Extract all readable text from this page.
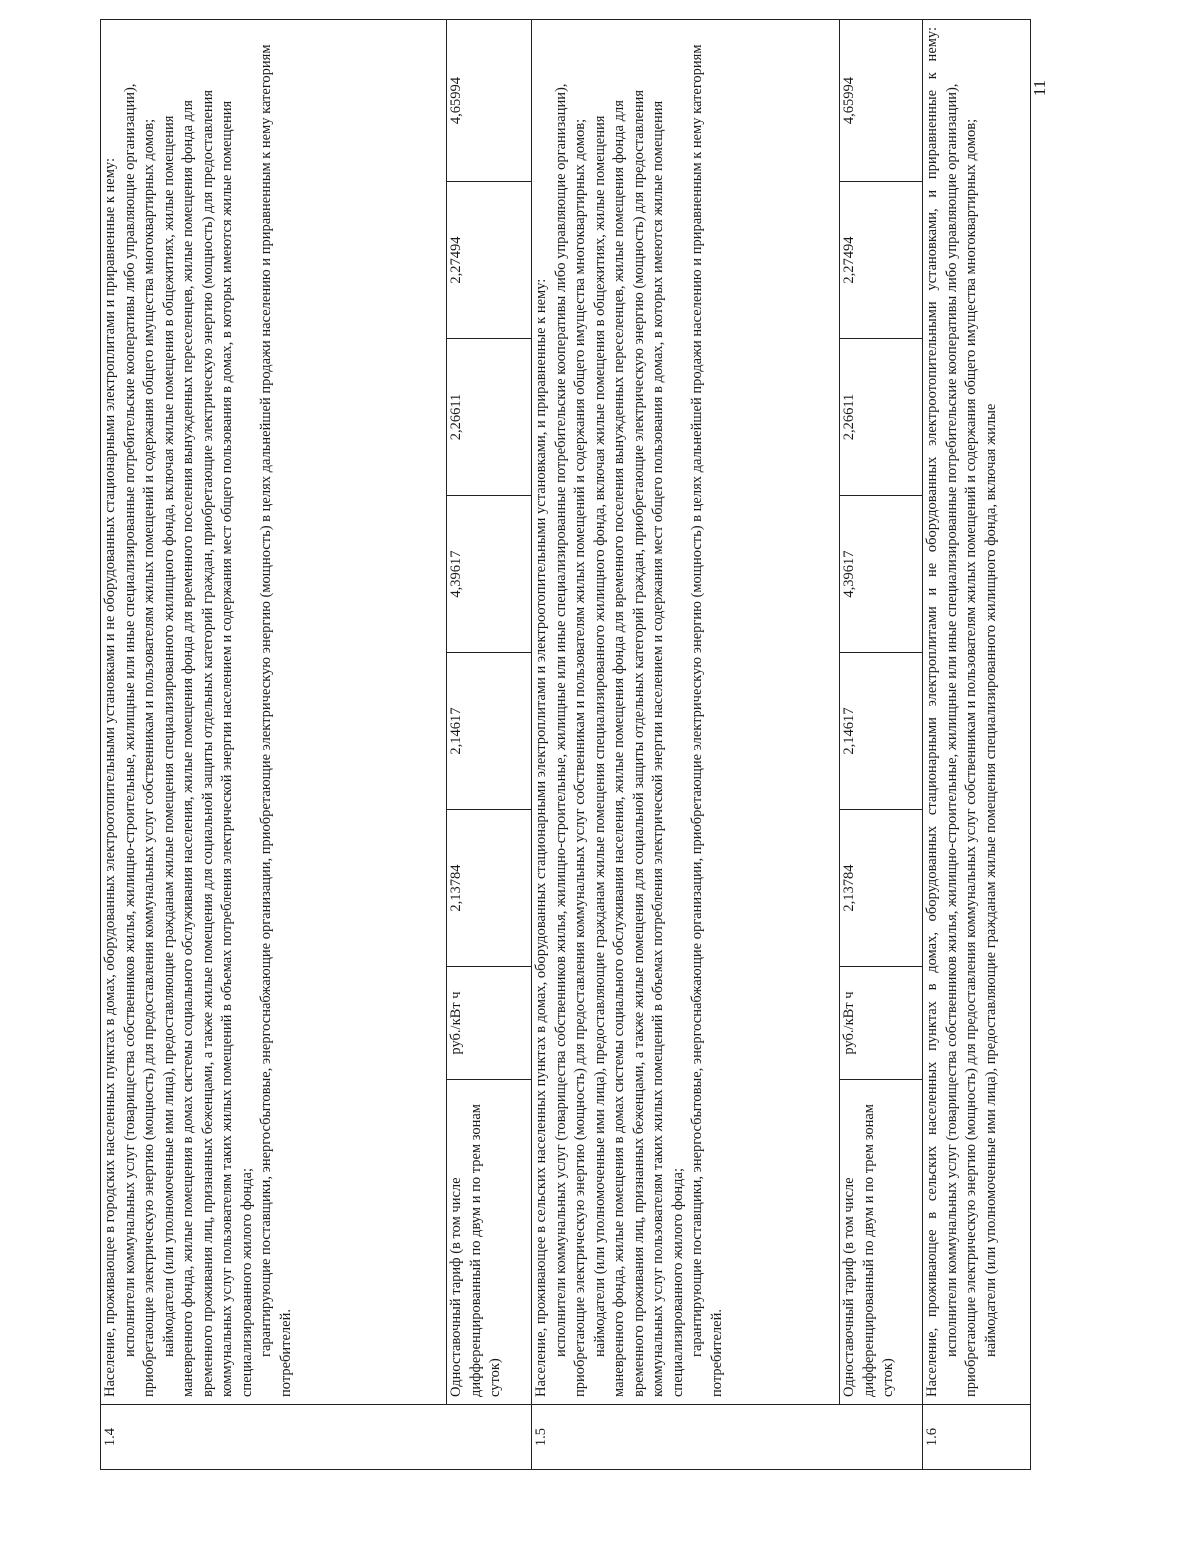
1.4	Население, проживающее в городских населенных пунктах в домах, оборудованных электроотопительными установками и не оборудованных стационарными электроплитами и приравненные к нему: исполнители коммунальных услуг (товарищества собственников жилья, жилищно-строительные, жилищные или иные специализированные потребительские кооперативы либо управляющие организации), приобретающие электрическую энергию (мощность) для предоставления коммунальных услуг собственникам и пользователям жилых помещений и содержания общего имущества многоквартирных домов; наймодатели (или уполномоченные ими лица), предоставляющие гражданам жилые помещения специализированного жилищного фонда, включая жилые помещения в общежитиях, жилые помещения маневренного фонда, жилые помещения в домах системы социального обслуживания населения, жилые помещения фонда для временного поселения вынужденных переселенцев, жилые помещения фонда для временного проживания лиц, признанных беженцами, а также жилые помещения для социальной защиты отдельных категорий граждан, приобретающие электрическую энергию (мощность) для предоставления коммунальных услуг пользователям таких жилых помещений в объемах потребления электрической энергии населением и содержания мест общего пользования в домах, в которых имеются жилые помещения специализированного жилого фонда; гарантирующие поставщики, энергосбытовые, энергоснабжающие организации, приобретающие электрическую энергию (мощность) в целях дальнейшей продажи населению и приравненным к нему категориям потребителей.							

	Одноставочный тариф (в том числе дифференцированный по двум и по трем зонам суток)	руб./кВт ч	2,13784	2,14617	4,39617	2,26611	2,27494	4,65994
1.5	Население, проживающее в сельских населенных пунктах в домах, оборудованных стационарными электроплитами и электроотопительными установками, и приравненные к нему: исполнители коммунальных услуг (товарищества собственников жилья, жилищно-строительные, жилищные или иные специализированные потребительские кооперативы либо управляющие организации), приобретающие электрическую энергию (мощность) для предоставления коммунальных услуг собственникам и пользователям жилых помещений и содержания общего имущества многоквартирных домов; наймодатели (или уполномоченные ими лица), предоставляющие гражданам жилые помещения специализированного жилищного фонда, включая жилые помещения в общежитиях, жилые помещения маневренного фонда, жилые помещения в домах системы социального обслуживания населения, жилые помещения фонда для временного поселения вынужденных переселенцев, жилые помещения фонда для временного проживания лиц, признанных беженцами, а также жилые помещения для социальной защиты отдельных категорий граждан, приобретающие электрическую энергию (мощность) для предоставления коммунальных услуг пользователям таких жилых помещений в объемах потребления электрической энергии населением и содержания мест общего пользования в домах, в которых имеются жилые помещения специализированного жилого фонда; гарантирующие поставщики, энергосбытовые, энергоснабжающие организации, приобретающие электрическую энергию (мощность) в целях дальнейшей продажи населению и приравненным к нему категориям потребителей.							

	Одноставочный тариф (в том числе дифференцированный по двум и по трем зонам суток)	руб./кВт ч	2,13784	2,14617	4,39617	2,26611	2,27494	4,65994
1.6	Население, проживающее в сельских населенных пунктах в домах, оборудованных стационарными электроплитами и не оборудованных электроотопительными установками, и приравненные к нему: исполнители коммунальных услуг (товарищества собственников жилья, жилищно-строительные, жилищные или иные специализированные потребительские кооперативы либо управляющие организации), приобретающие электрическую энергию (мощность) для предоставления коммунальных услуг собственникам и пользователям жилых помещений и содержания общего имущества многоквартирных домов; наймодатели (или уполномоченные ими лица), предоставляющие гражданам жилые помещения специализированного жилищного фонда, включая жилые							

11
